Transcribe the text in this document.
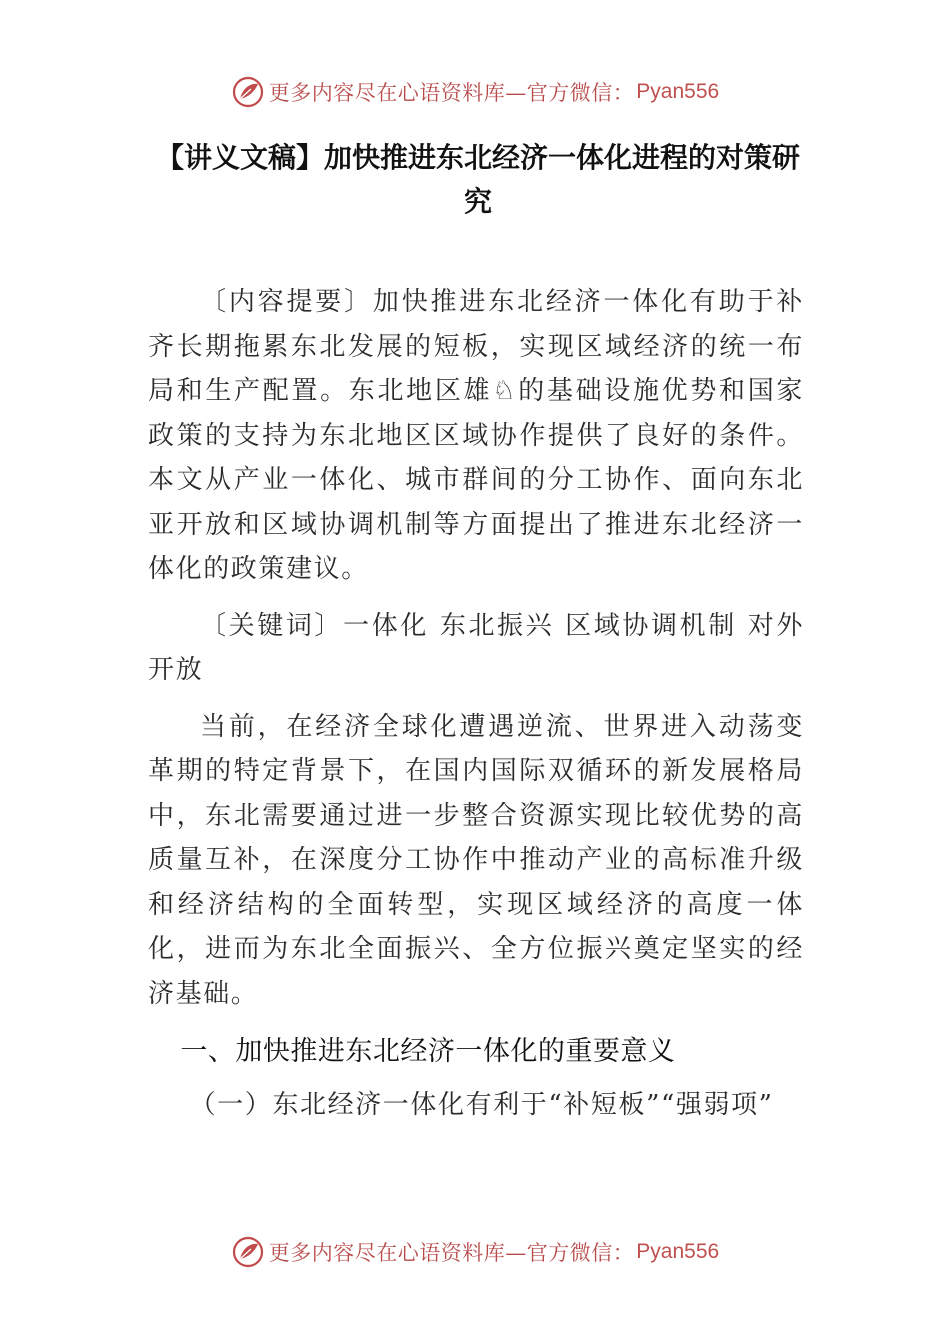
更多内容尽在心语资料库—官方微信： Pyan556
【讲义文稿】加快推进东北经济一体化进程的对策研究

〔内容提要〕加快推进东北经济一体化有助于补齐长期拖累东北发展的短板，实现区域经济的统一布局和生产配置。东北地区雄♘的基础设施优势和国家政策的支持为东北地区区域协作提供了良好的条件。本文从产业一体化、城市群间的分工协作、面向东北亚开放和区域协调机制等方面提出了推进东北经济一体化的政策建议。

〔关键词〕一体化 东北振兴 区域协调机制 对外开放

当前，在经济全球化遭遇逆流、世界进入动荡变革期的特定背景下，在国内国际双循环的新发展格局中，东北需要通过进一步整合资源实现比较优势的高质量互补，在深度分工协作中推动产业的高标准升级和经济结构的全面转型，实现区域经济的高度一体化，进而为东北全面振兴、全方位振兴奠定坚实的经济基础。

一、加快推进东北经济一体化的重要意义

（一）东北经济一体化有利于“补短板”“强弱项”

更多内容尽在心语资料库—官方微信： Pyan556
